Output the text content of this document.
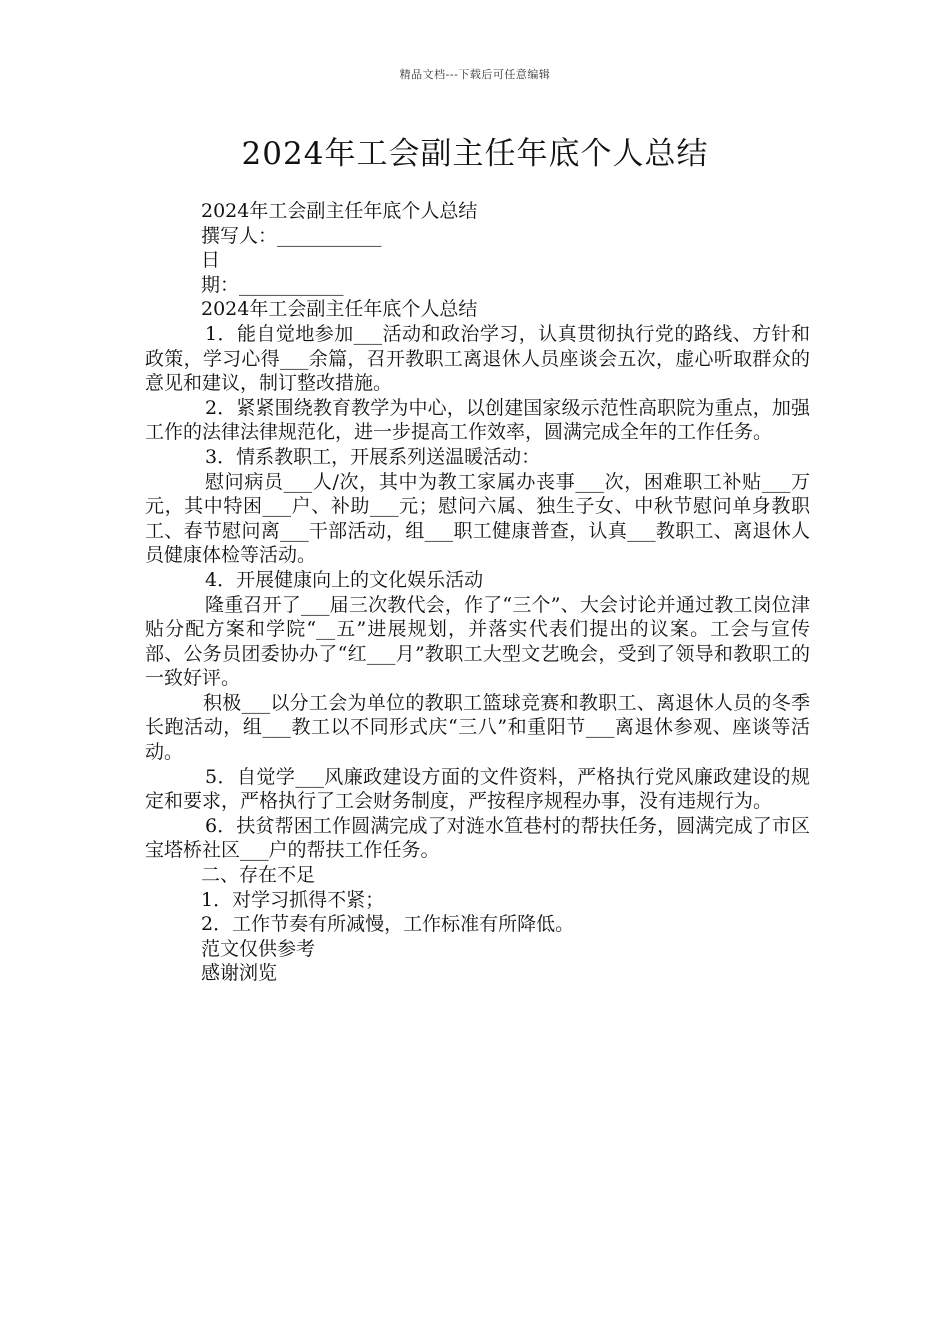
精品文档---下载后可任意编辑
2024年工会副主任年底个人总结
2024年工会副主任年底个人总结
撰写人：___________
日
期：___________
2024年工会副主任年底个人总结

1．能自觉地参加___活动和政治学习，认真贯彻执行党的路线、方针和政策，学习心得___余篇，召开教职工离退休人员座谈会五次，虚心听取群众的意见和建议，制订整改措施。

2．紧紧围绕教育教学为中心，以创建国家级示范性高职院为重点，加强工作的法律法律规范化，进一步提高工作效率，圆满完成全年的工作任务。

3．情系教职工，开展系列送温暖活动：

慰问病员___人/次，其中为教工家属办丧事___次，困难职工补贴___万元，其中特困___户、补助___元；慰问六属、独生子女、中秋节慰问单身教职工、春节慰问离___干部活动，组___职工健康普查，认真___教职工、离退休人员健康体检等活动。

4．开展健康向上的文化娱乐活动

隆重召开了___届三次教代会，作了“三个”、大会讨论并通过教工岗位津贴分配方案和学院“__五”进展规划，并落实代表们提出的议案。工会与宣传部、公务员团委协办了“红___月”教职工大型文艺晚会，受到了领导和教职工的一致好评。

积极___以分工会为单位的教职工篮球竞赛和教职工、离退休人员的冬季长跑活动，组___教工以不同形式庆“三八”和重阳节___离退休参观、座谈等活动。

5．自觉学___风廉政建设方面的文件资料，严格执行党风廉政建设的规定和要求，严格执行了工会财务制度，严按程序规程办事，没有违规行为。

6．扶贫帮困工作圆满完成了对涟水笪巷村的帮扶任务，圆满完成了市区宝塔桥社区___户的帮扶工作任务。

二、存在不足
1．对学习抓得不紧；
2．工作节奏有所减慢，工作标准有所降低。
范文仅供参考
感谢浏览
